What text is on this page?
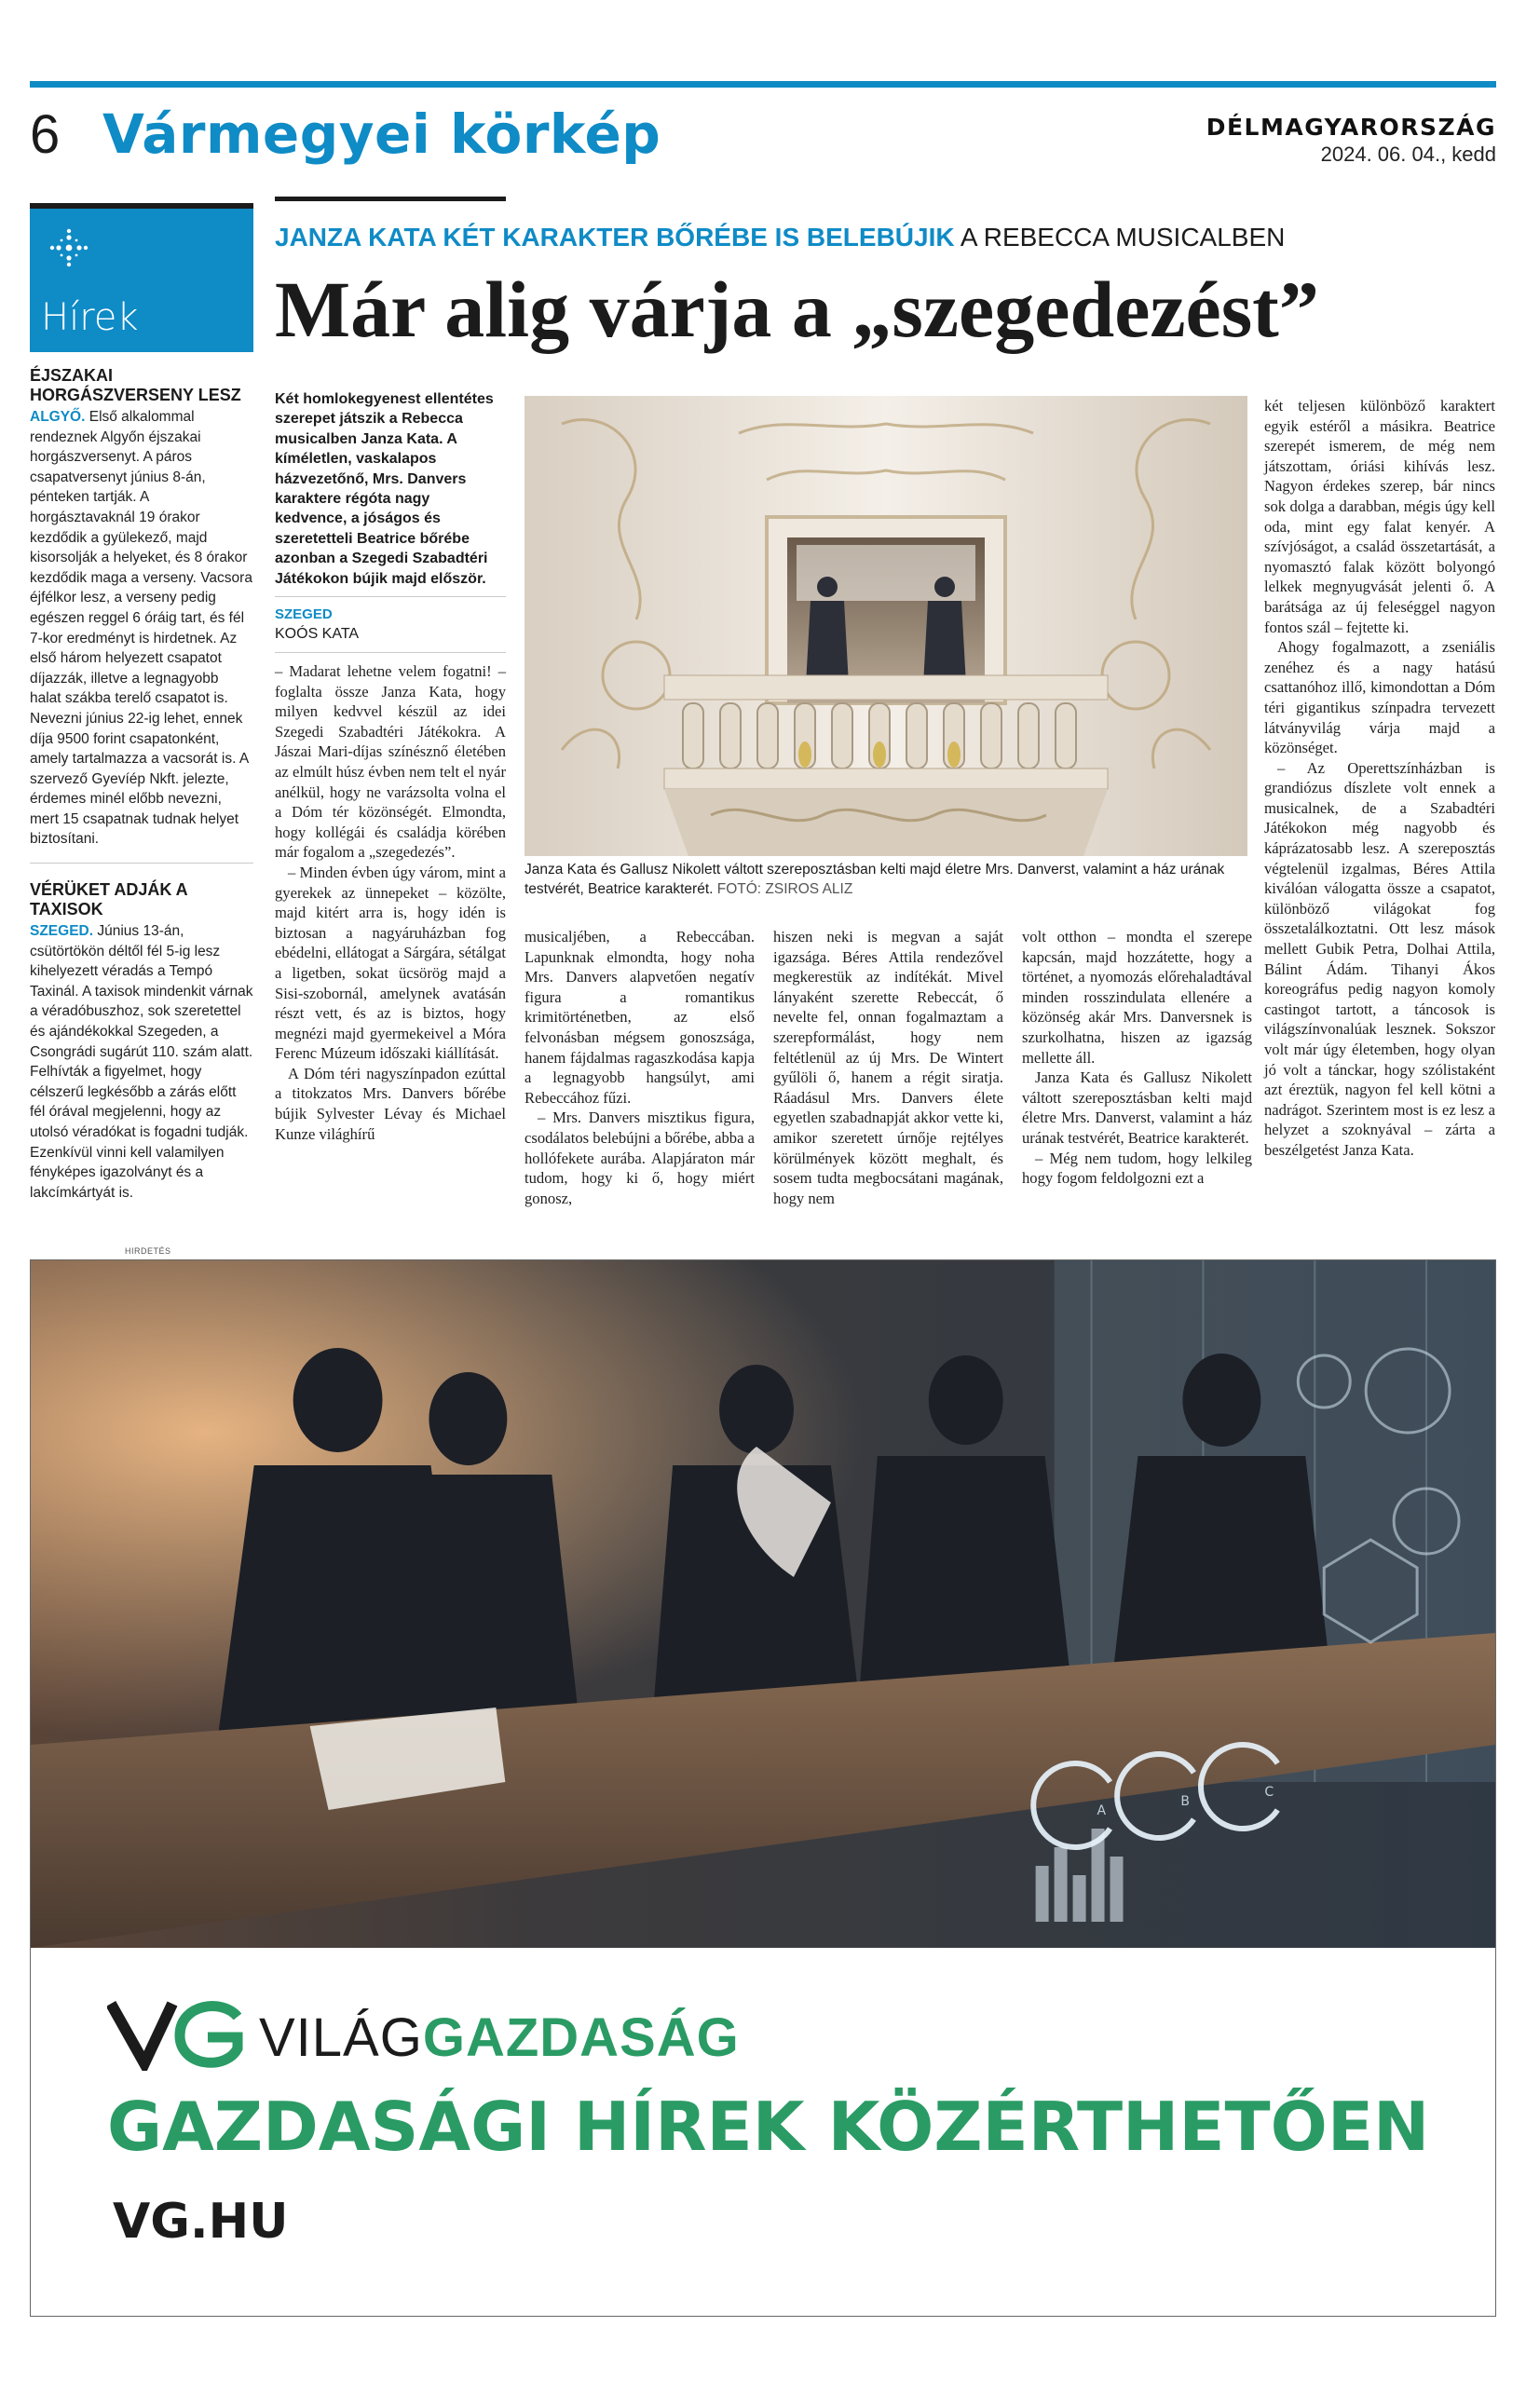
6 Vármegyei körkép	DÉLMAGYARORSZÁG
2024. 06. 04., kedd
Hírek
ÉJSZAKAI HORGÁSZVERSENY LESZ
ALGYŐ. Első alkalommal rendeznek Algyőn éjszakai horgászversenyt. A páros csapatversenyt június 8-án, pénteken tartják. A horgásztavaknál 19 órakor kezdődik a gyülekező, majd kisorsolják a helyeket, és 8 órakor kezdődik maga a verseny. Vacsora éjfélkor lesz, a verseny pedig egészen reggel 6 óráig tart, és fél 7-kor eredményt is hirdetnek. Az első három helyezett csapatot díjazzák, illetve a legnagyobb halat szákba terelő csapatot is. Nevezni június 22-ig lehet, ennek díja 9500 forint csapatonként, amely tartalmazza a vacsorát is. A szervező Gyevíép Nkft. jelezte, érdemes minél előbb nevezni, mert 15 csapatnak tudnak helyet biztosítani.
VÉRÜKET ADJÁK A TAXISOK
SZEGED. Június 13-án, csütörtökön déltől fél 5-ig lesz kihelyezett véradás a Tempó Taxinál. A taxisok mindenkit várnak a véradóbuszhoz, sok szeretettel és ajándékokkal Szegeden, a Csongrádi sugárút 110. szám alatt. Felhívták a figyelmet, hogy célszerű legkésőbb a zárás előtt fél órával megjelenni, hogy az utolsó véradókat is fogadni tudják. Ezenkívül vinni kell valamilyen fényképes igazolványt és a lakcímkártyát is.
JANZA KATA KÉT KARAKTER BŐRÉBE IS BELEBÚJIK A REBECCA MUSICALBEN
Már alig várja a „szegedezést”
Két homlokegyenest ellentétes szerepet játszik a Rebecca musicalben Janza Kata. A kíméletlen, vaskalapos házvezetőnő, Mrs. Danvers karaktere régóta nagy kedvence, a jóságos és szeretetteli Beatrice bőrébe azonban a Szegedi Szabadtéri Játékokon bújik majd először.
SZEGED
KOÓS KATA
Janza Kata és Gallusz Nikolett váltott szereposztásban kelti majd életre Mrs. Danverst, valamint a ház urának testvérét, Beatrice karakterét. FOTÓ: ZSIROS ALIZ

– Madarat lehetne velem fogatni! – foglalta össze Janza Kata, hogy milyen kedvvel készül az idei Szegedi Szabadtéri Játékokra. A Jászai Mari-díjas színésznő életében az elmúlt húsz évben nem telt el nyár anélkül, hogy ne varázsolta volna el a Dóm tér közönségét. Elmondta, hogy kollégái és családja körében már fogalom a „szegedezés”.

– Minden évben úgy várom, mint a gyerekek az ünnepeket – közölte, majd kitért arra is, hogy idén is biztosan a nagyáruházban fog ebédelni, ellátogat a Sárgára, sétálgat a ligetben, sokat ücsörög majd a Sisi-szobornál, amelynek avatásán részt vett, és az is biztos, hogy megnézi majd gyermekeivel a Móra Ferenc Múzeum időszaki kiállítását.

A Dóm téri nagyszínpadon ezúttal a titokzatos Mrs. Danvers bőrébe bújik Sylvester Lévay és Michael Kunze világhírű

musicaljében, a Rebeccában. Lapunknak elmondta, hogy noha Mrs. Danvers alapvetően negatív figura a romantikus krimitörténetben, az első felvonásban mégsem gonoszsága, hanem fájdalmas ragaszkodása kapja a legnagyobb hangsúlyt, ami Rebeccához fűzi.

– Mrs. Danvers misztikus figura, csodálatos belebújni a bőrébe, abba a hollófekete aurába. Alapjáraton már tudom, hogy ki ő, hogy miért gonosz,

hiszen neki is megvan a saját igazsága. Béres Attila rendezővel megkerestük az indítékát. Mivel lányaként szerette Rebeccát, ő nevelte fel, onnan fogalmaztam a szerepformálást, hogy nem feltétlenül az új Mrs. De Wintert gyűlöli ő, hanem a régit siratja. Ráadásul Mrs. Danvers élete egyetlen szabadnapját akkor vette ki, amikor szeretett úrnője rejtélyes körülmények között meghalt, és sosem tudta megbocsátani magának, hogy nem

volt otthon – mondta el szerepe kapcsán, majd hozzátette, hogy a történet, a nyomozás előrehaladtával minden rosszindulata ellenére a közönség akár Mrs. Danversnek is szurkolhatna, hiszen az igazság mellette áll.

Janza Kata és Gallusz Nikolett váltott szereposztásban kelti majd életre Mrs. Danverst, valamint a ház urának testvérét, Beatrice karakterét.

– Még nem tudom, hogy lelkileg hogy fogom feldolgozni ezt a

két teljesen különböző karaktert egyik estéről a másikra. Beatrice szerepét ismerem, de még nem játszottam, óriási kihívás lesz. Nagyon érdekes szerep, bár nincs sok dolga a darabban, mégis úgy kell oda, mint egy falat kenyér. A szívjóságot, a család összetartását, a nyomasztó falak között bolyongó lelkek megnyugvását jelenti ő. A barátsága az új feleséggel nagyon fontos szál – fejtette ki.

Ahogy fogalmazott, a zseniális zenéhez és a nagy hatású csattanóhoz illő, kimondottan a Dóm téri gigantikus színpadra tervezett látványvilág várja majd a közönséget.

– Az Operettszínházban is grandiózus díszlete volt ennek a musicalnek, de a Szabadtéri Játékokon még nagyobb és káprázatosabb lesz. A szereposztás végtelenül izgalmas, Béres Attila kiválóan válogatta össze a csapatot, különböző világokat fog összetalálkoztatni. Ott lesz mások mellett Gubik Petra, Dolhai Attila, Bálint Ádám. Tihanyi Ákos koreográfus pedig nagyon komoly castingot tartott, a táncosok is világszínvonalúak lesznek. Sokszor volt már úgy életemben, hogy olyan jó volt a tánckar, hogy szólistaként azt éreztük, nagyon fel kell kötni a nadrágot. Szerintem most is ez lesz a helyzet a szoknyával – zárta a beszélgetést Janza Kata.

HIRDETÉS
A
B
C
VILÁGGAZDASÁG
GAZDASÁGI HÍREK KÖZÉRTHETŐEN
VG.HU
